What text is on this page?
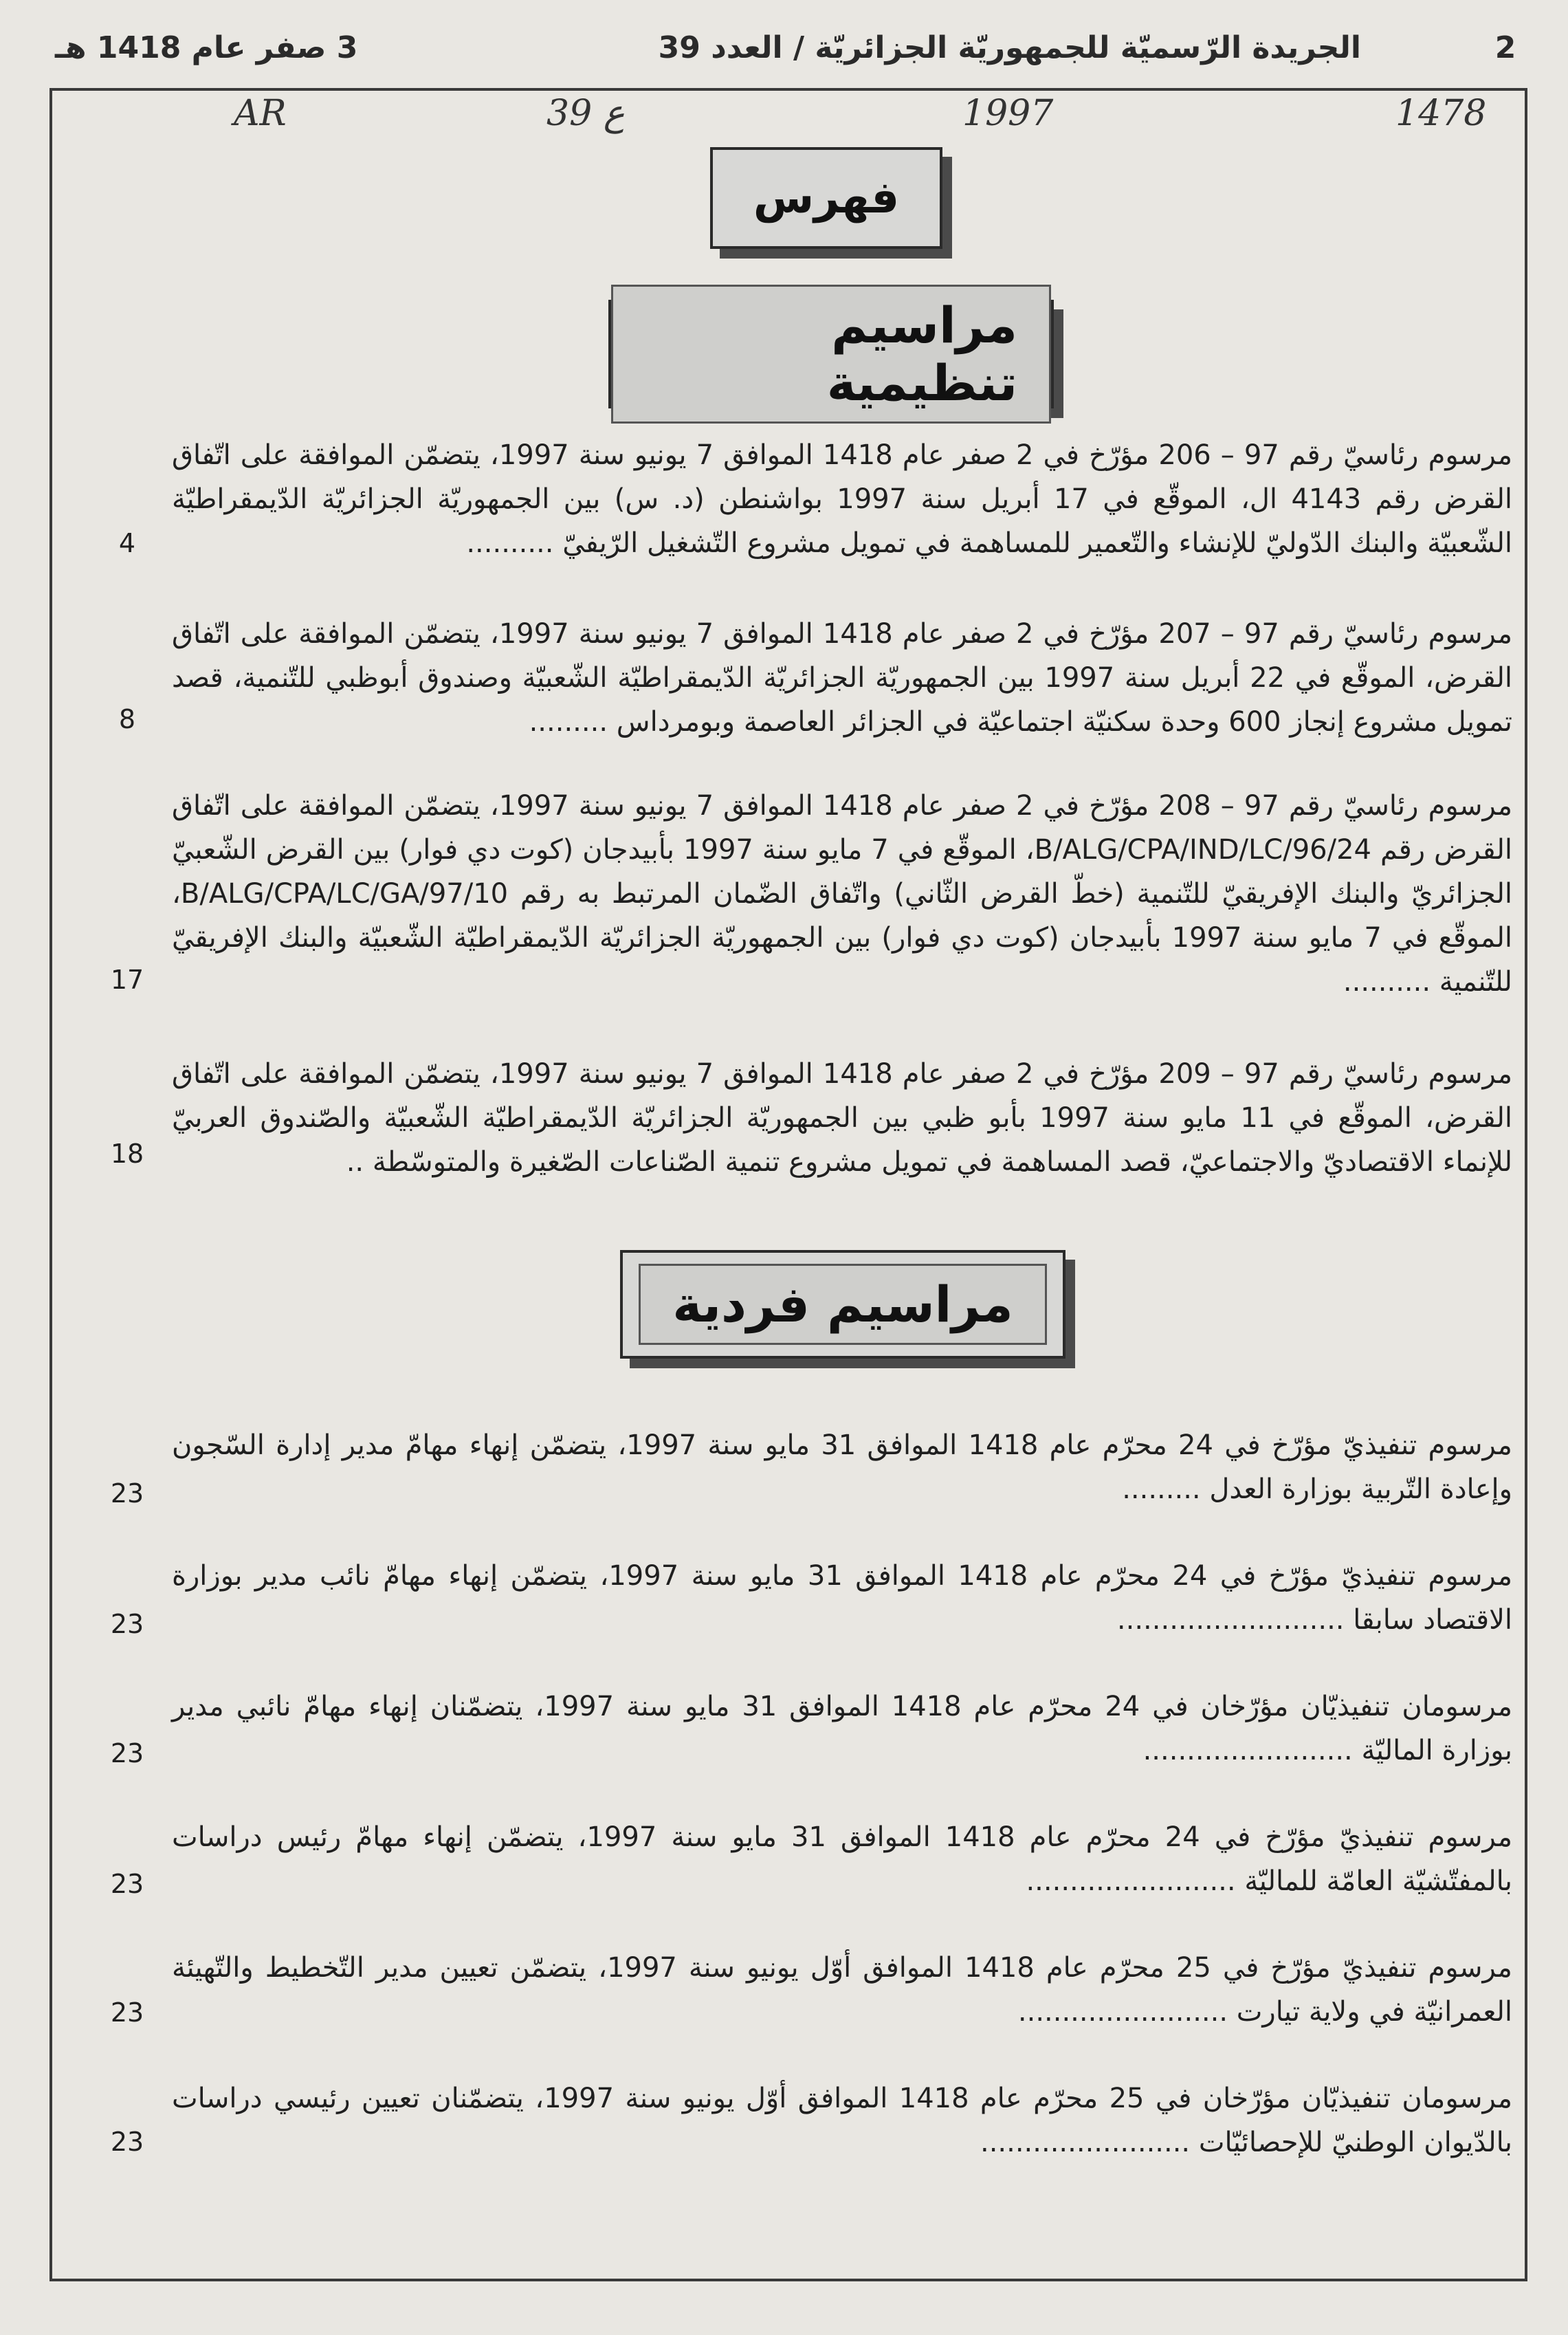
2
الجريدة الرّسميّة للجمهوريّة الجزائريّة / العدد 39
3 صفر عام 1418 هـ
1478
1997
39 ع
AR
فهرس
مراسيم تنظيمية
مرسوم رئاسيّ رقم 97 – 206 مؤرّخ في 2 صفر عام 1418 الموافق 7 يونيو سنة 1997، يتضمّن الموافقة على اتّفاق القرض رقم 4143 ال، الموقّع في 17 أبريل سنة 1997 بواشنطن (د. س) بين الجمهوريّة الجزائريّة الدّيمقراطيّة الشّعبيّة والبنك الدّوليّ للإنشاء والتّعمير للمساهمة في تمويل مشروع التّشغيل الرّيفيّ ..........
4
مرسوم رئاسيّ رقم 97 – 207 مؤرّخ في 2 صفر عام 1418 الموافق 7 يونيو سنة 1997، يتضمّن الموافقة على اتّفاق القرض، الموقّع في 22 أبريل سنة 1997 بين الجمهوريّة الجزائريّة الدّيمقراطيّة الشّعبيّة وصندوق أبوظبي للتّنمية، قصد تمويل مشروع إنجاز 600 وحدة سكنيّة اجتماعيّة في الجزائر العاصمة وبومرداس .........
8
مرسوم رئاسيّ رقم 97 – 208 مؤرّخ في 2 صفر عام 1418 الموافق 7 يونيو سنة 1997، يتضمّن الموافقة على اتّفاق القرض رقم B/ALG/CPA/IND/LC/96/24، الموقّع في 7 مايو سنة 1997 بأبيدجان (كوت دي فوار) بين القرض الشّعبيّ الجزائريّ والبنك الإفريقيّ للتّنمية (خطّ القرض الثّاني) واتّفاق الضّمان المرتبط به رقم B/ALG/CPA/LC/GA/97/10، الموقّع في 7 مايو سنة 1997 بأبيدجان (كوت دي فوار) بين الجمهوريّة الجزائريّة الدّيمقراطيّة الشّعبيّة والبنك الإفريقيّ للتّنمية ..........
17
مرسوم رئاسيّ رقم 97 – 209 مؤرّخ في 2 صفر عام 1418 الموافق 7 يونيو سنة 1997، يتضمّن الموافقة على اتّفاق القرض، الموقّع في 11 مايو سنة 1997 بأبو ظبي بين الجمهوريّة الجزائريّة الدّيمقراطيّة الشّعبيّة والصّندوق العربيّ للإنماء الاقتصاديّ والاجتماعيّ، قصد المساهمة في تمويل مشروع تنمية الصّناعات الصّغيرة والمتوسّطة ..
18
مراسيم فردية
مرسوم تنفيذيّ مؤرّخ في 24 محرّم عام 1418 الموافق 31 مايو سنة 1997، يتضمّن إنهاء مهامّ مدير إدارة السّجون وإعادة التّربية بوزارة العدل .........
23
مرسوم تنفيذيّ مؤرّخ في 24 محرّم عام 1418 الموافق 31 مايو سنة 1997، يتضمّن إنهاء مهامّ نائب مدير بوزارة الاقتصاد سابقا ..........................
23
مرسومان تنفيذيّان مؤرّخان في 24 محرّم عام 1418 الموافق 31 مايو سنة 1997، يتضمّنان إنهاء مهامّ نائبي مدير بوزارة الماليّة ........................
23
مرسوم تنفيذيّ مؤرّخ في 24 محرّم عام 1418 الموافق 31 مايو سنة 1997، يتضمّن إنهاء مهامّ رئيس دراسات بالمفتّشيّة العامّة للماليّة ........................
23
مرسوم تنفيذيّ مؤرّخ في 25 محرّم عام 1418 الموافق أوّل يونيو سنة 1997، يتضمّن تعيين مدير التّخطيط والتّهيئة العمرانيّة في ولاية تيارت ........................
23
مرسومان تنفيذيّان مؤرّخان في 25 محرّم عام 1418 الموافق أوّل يونيو سنة 1997، يتضمّنان تعيين رئيسي دراسات بالدّيوان الوطنيّ للإحصائيّات ........................
23
